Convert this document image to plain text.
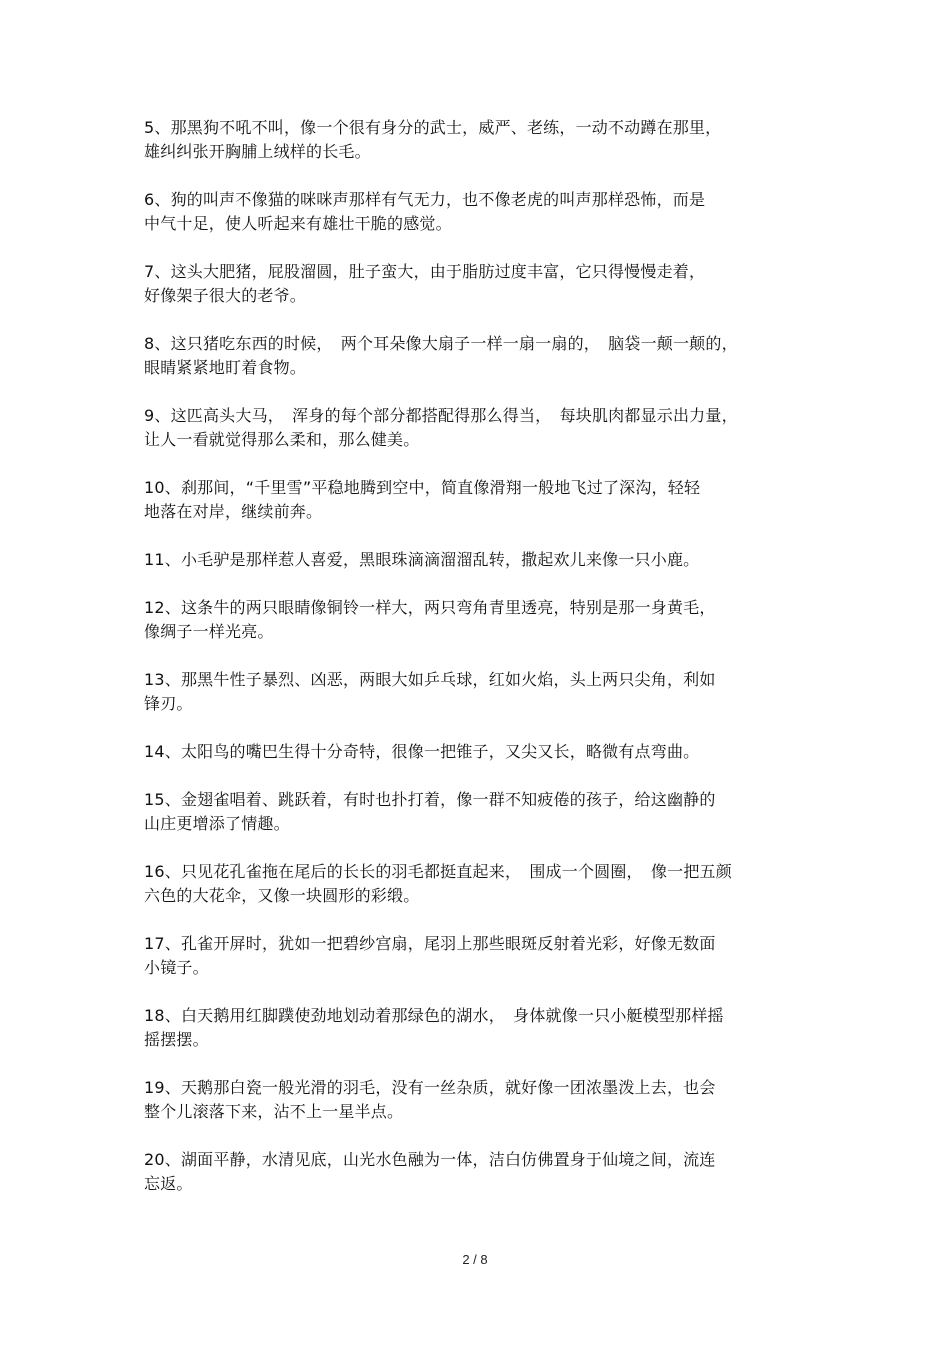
5、那黑狗不吼不叫，像一个很有身分的武士，威严、老练，一动不动蹲在那里，
雄纠纠张开胸脯上绒样的长毛。

6、狗的叫声不像猫的咪咪声那样有气无力，也不像老虎的叫声那样恐怖，而是
中气十足，使人听起来有雄壮干脆的感觉。

7、这头大肥猪，屁股溜圆，肚子蛮大，由于脂肪过度丰富，它只得慢慢走着，
好像架子很大的老爷。

8、这只猪吃东西的时候，　两个耳朵像大扇子一样一扇一扇的，　脑袋一颠一颠的，
眼睛紧紧地盯着食物。

9、这匹高头大马，　浑身的每个部分都搭配得那么得当，　每块肌肉都显示出力量，
让人一看就觉得那么柔和，那么健美。

10、刹那间，“千里雪”平稳地腾到空中，简直像滑翔一般地飞过了深沟，轻轻
地落在对岸，继续前奔。

11、小毛驴是那样惹人喜爱，黑眼珠滴滴溜溜乱转，撒起欢儿来像一只小鹿。

12、这条牛的两只眼睛像铜铃一样大，两只弯角青里透亮，特别是那一身黄毛，
像绸子一样光亮。

13、那黑牛性子暴烈、凶恶，两眼大如乒乓球，红如火焰，头上两只尖角，利如
锋刃。

14、太阳鸟的嘴巴生得十分奇特，很像一把锥子，又尖又长，略微有点弯曲。

15、金翅雀唱着、跳跃着，有时也扑打着，像一群不知疲倦的孩子，给这幽静的
山庄更增添了情趣。

16、只见花孔雀拖在尾后的长长的羽毛都挺直起来，　围成一个圆圈，　像一把五颜
六色的大花伞，又像一块圆形的彩缎。

17、孔雀开屏时，犹如一把碧纱宫扇，尾羽上那些眼斑反射着光彩，好像无数面
小镜子。

18、白天鹅用红脚蹼使劲地划动着那绿色的湖水，　身体就像一只小艇模型那样摇
摇摆摆。

19、天鹅那白瓷一般光滑的羽毛，没有一丝杂质，就好像一团浓墨泼上去，也会
整个儿滚落下来，沾不上一星半点。

20、湖面平静，水清见底，山光水色融为一体，洁白仿佛置身于仙境之间，流连
忘返。

2 / 8
